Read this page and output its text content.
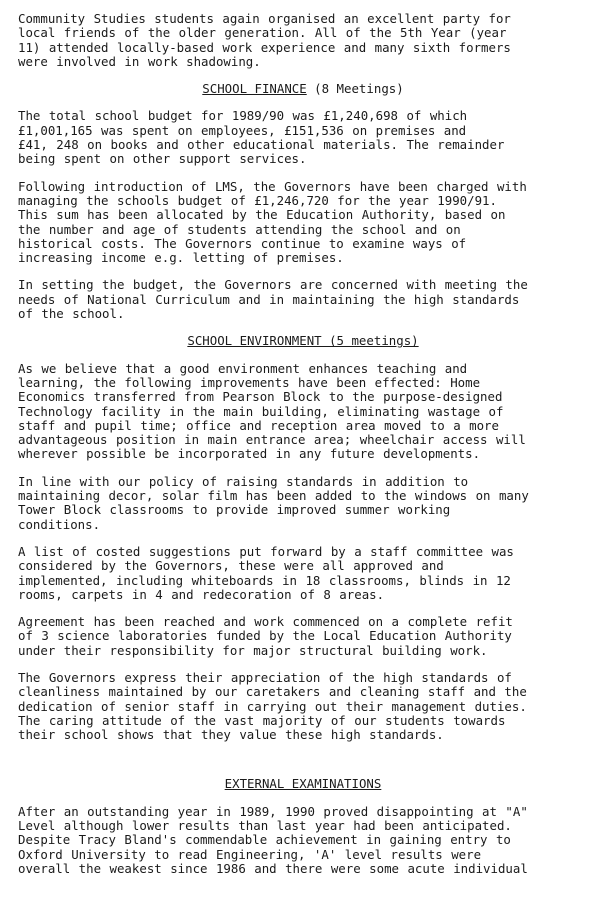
Community Studies students again organised an excellent party for
local friends of the older generation. All of the 5th Year (year
11) attended locally-based work experience and many sixth formers
were involved in work shadowing.

SCHOOL FINANCE (8 Meetings)

The total school budget for 1989/90 was £1,240,698 of which
£1,001,165 was spent on employees, £151,536 on premises and
£41, 248 on books and other educational materials. The remainder
being spent on other support services.

Following introduction of LMS, the Governors have been charged with
managing the schools budget of £1,246,720 for the year 1990/91.
This sum has been allocated by the Education Authority, based on
the number and age of students attending the school and on
historical costs. The Governors continue to examine ways of
increasing income e.g. letting of premises.

In setting the budget, the Governors are concerned with meeting the
needs of National Curriculum and in maintaining the high standards
of the school.

SCHOOL ENVIRONMENT (5 meetings)

As we believe that a good environment enhances teaching and
learning, the following improvements have been effected: Home
Economics transferred from Pearson Block to the purpose-designed
Technology facility in the main building, eliminating wastage of
staff and pupil time; office and reception area moved to a more
advantageous position in main entrance area; wheelchair access will
wherever possible be incorporated in any future developments.

In line with our policy of raising standards in addition to
maintaining decor, solar film has been added to the windows on many
Tower Block classrooms to provide improved summer working
conditions.

A list of costed suggestions put forward by a staff committee was
considered by the Governors, these were all approved and
implemented, including whiteboards in 18 classrooms, blinds in 12
rooms, carpets in 4 and redecoration of 8 areas.

Agreement has been reached and work commenced on a complete refit
of 3 science laboratories funded by the Local Education Authority
under their responsibility for major structural building work.

The Governors express their appreciation of the high standards of
cleanliness maintained by our caretakers and cleaning staff and the
dedication of senior staff in carrying out their management duties.
The caring attitude of the vast majority of our students towards
their school shows that they value these high standards.

EXTERNAL EXAMINATIONS

After an outstanding year in 1989, 1990 proved disappointing at "A"
Level although lower results than last year had been anticipated.
Despite Tracy Bland's commendable achievement in gaining entry to
Oxford University to read Engineering, 'A' level results were
overall the weakest since 1986 and there were some acute individual
